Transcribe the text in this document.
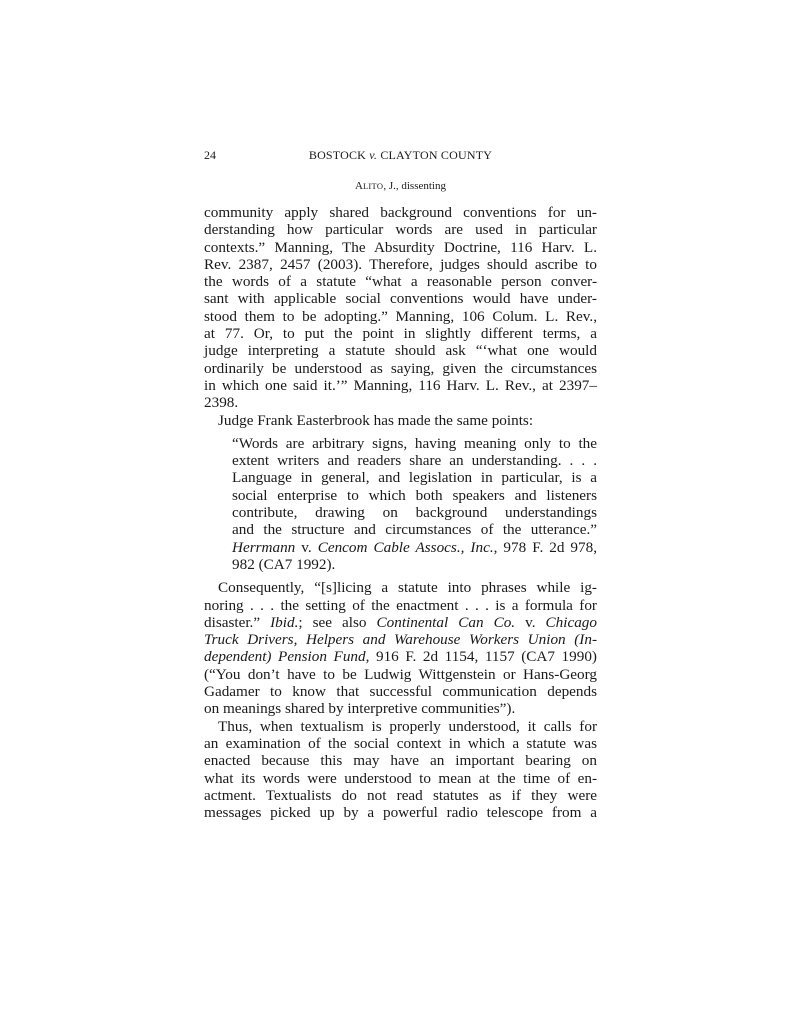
24	BOSTOCK v. CLAYTON COUNTY
ALITO, J., dissenting
community apply shared background conventions for un-
derstanding how particular words are used in particular
contexts.” Manning, The Absurdity Doctrine, 116 Harv. L.
Rev. 2387, 2457 (2003). Therefore, judges should ascribe to
the words of a statute “what a reasonable person conver-
sant with applicable social conventions would have under-
stood them to be adopting.” Manning, 106 Colum. L. Rev.,
at 77. Or, to put the point in slightly different terms, a
judge interpreting a statute should ask “‘what one would
ordinarily be understood as saying, given the circumstances
in which one said it.’” Manning, 116 Harv. L. Rev., at 2397–
2398.
Judge Frank Easterbrook has made the same points:
“Words are arbitrary signs, having meaning only to the
extent writers and readers share an understanding. . . .
Language in general, and legislation in particular, is a
social enterprise to which both speakers and listeners
contribute, drawing on background understandings
and the structure and circumstances of the utterance.”
Herrmann v. Cencom Cable Assocs., Inc., 978 F. 2d 978,
982 (CA7 1992).
Consequently, “[s]licing a statute into phrases while ig-
noring . . . the setting of the enactment . . . is a formula for
disaster.” Ibid.; see also Continental Can Co. v. Chicago
Truck Drivers, Helpers and Warehouse Workers Union (In-
dependent) Pension Fund, 916 F. 2d 1154, 1157 (CA7 1990)
(“You don’t have to be Ludwig Wittgenstein or Hans-Georg
Gadamer to know that successful communication depends
on meanings shared by interpretive communities”).
Thus, when textualism is properly understood, it calls for
an examination of the social context in which a statute was
enacted because this may have an important bearing on
what its words were understood to mean at the time of en-
actment. Textualists do not read statutes as if they were
messages picked up by a powerful radio telescope from a
